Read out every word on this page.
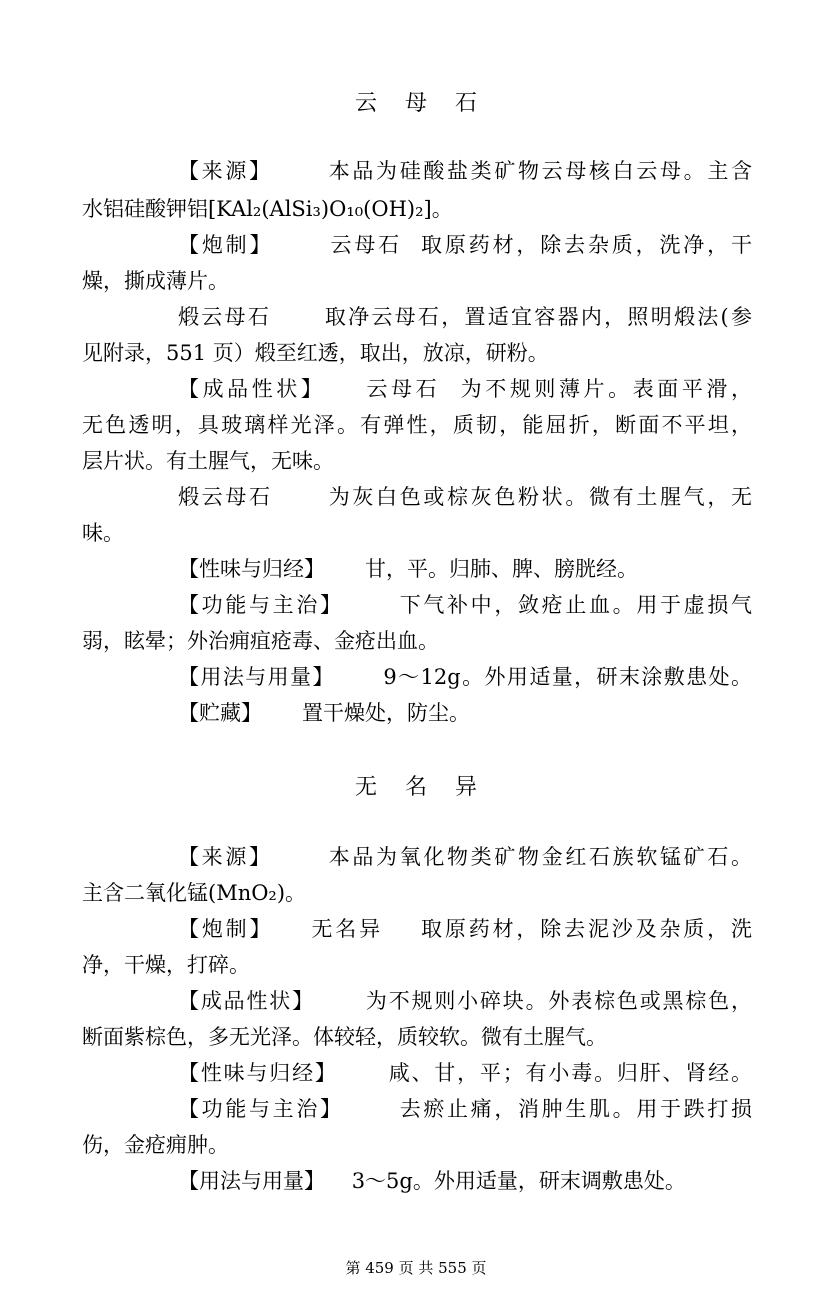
云    母    石
【来源】      本品为硅酸盐类矿物云母核白云母。主含
水铝硅酸钾铝[KAl₂(AlSi₃)O₁₀(OH)₂]。
【炮制】      云母石  取原药材，除去杂质，洗净，干
燥，撕成薄片。
煅云母石      取净云母石，置适宜容器内，照明煅法(参
见附录，551 页）煅至红透，取出，放凉，研粉。
【成品性状】    云母石  为不规则薄片。表面平滑，
无色透明，具玻璃样光泽。有弹性，质韧，能屈折，断面不平坦，
层片状。有土腥气，无味。
煅云母石      为灰白色或棕灰色粉状。微有土腥气，无
味。
【性味与归经】      甘，平。归肺、脾、膀胱经。
【功能与主治】      下气补中，敛疮止血。用于虚损气
弱，眩晕；外治痈疽疮毒、金疮出血。
【用法与用量】      9～12g。外用适量，研末涂敷患处。
【贮藏】      置干燥处，防尘。
无    名    异
【来源】      本品为氧化物类矿物金红石族软锰矿石。
主含二氧化锰(MnO₂)。
【炮制】    无名异    取原药材，除去泥沙及杂质，洗
净，干燥，打碎。
【成品性状】      为不规则小碎块。外表棕色或黑棕色，
断面紫棕色，多无光泽。体较轻，质较软。微有土腥气。
【性味与归经】      咸、甘，平；有小毒。归肝、肾经。
【功能与主治】      去瘀止痛，消肿生肌。用于跌打损
伤，金疮痈肿。
【用法与用量】    3～5g。外用适量，研末调敷患处。
第 459 页 共 555 页
